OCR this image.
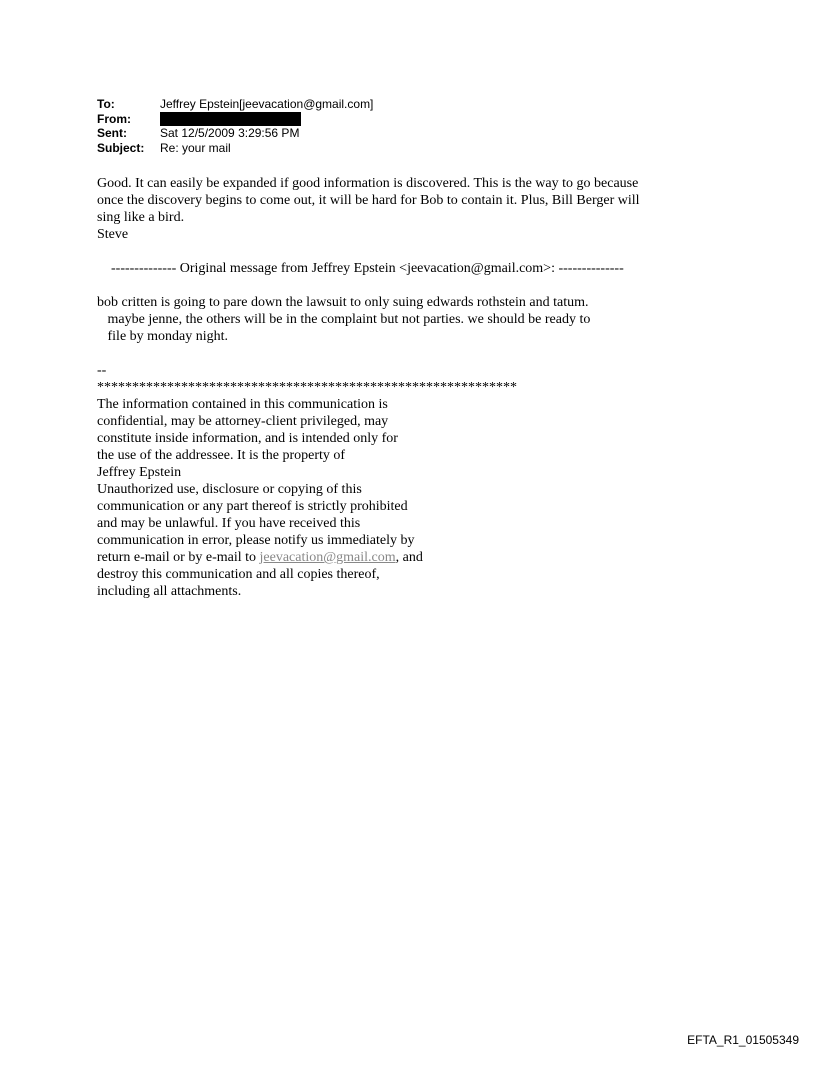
To:	Jeffrey Epstein[jeevacation@gmail.com]
From:
Sent:	Sat 12/5/2009 3:29:56 PM
Subject:	Re: your mail
Good. It can easily be expanded if good information is discovered. This is the way to go because
once the discovery begins to come out, it will be hard for Bob to contain it. Plus, Bill Berger will
sing like a bird.
Steve
-------------- Original message from Jeffrey Epstein <jeevacation@gmail.com>: --------------
bob critten is going to pare down the lawsuit to only suing edwards rothstein and tatum.
maybe jenne, the others will be in the complaint but not parties. we should be ready to
file by monday night.
--
************************************************************
The information contained in this communication is
confidential, may be attorney-client privileged, may
constitute inside information, and is intended only for
the use of the addressee. It is the property of
Jeffrey Epstein
Unauthorized use, disclosure or copying of this
communication or any part thereof is strictly prohibited
and may be unlawful. If you have received this
communication in error, please notify us immediately by
return e-mail or by e-mail to jeevacation@gmail.com, and
destroy this communication and all copies thereof,
including all attachments.
EFTA_R1_01505349
